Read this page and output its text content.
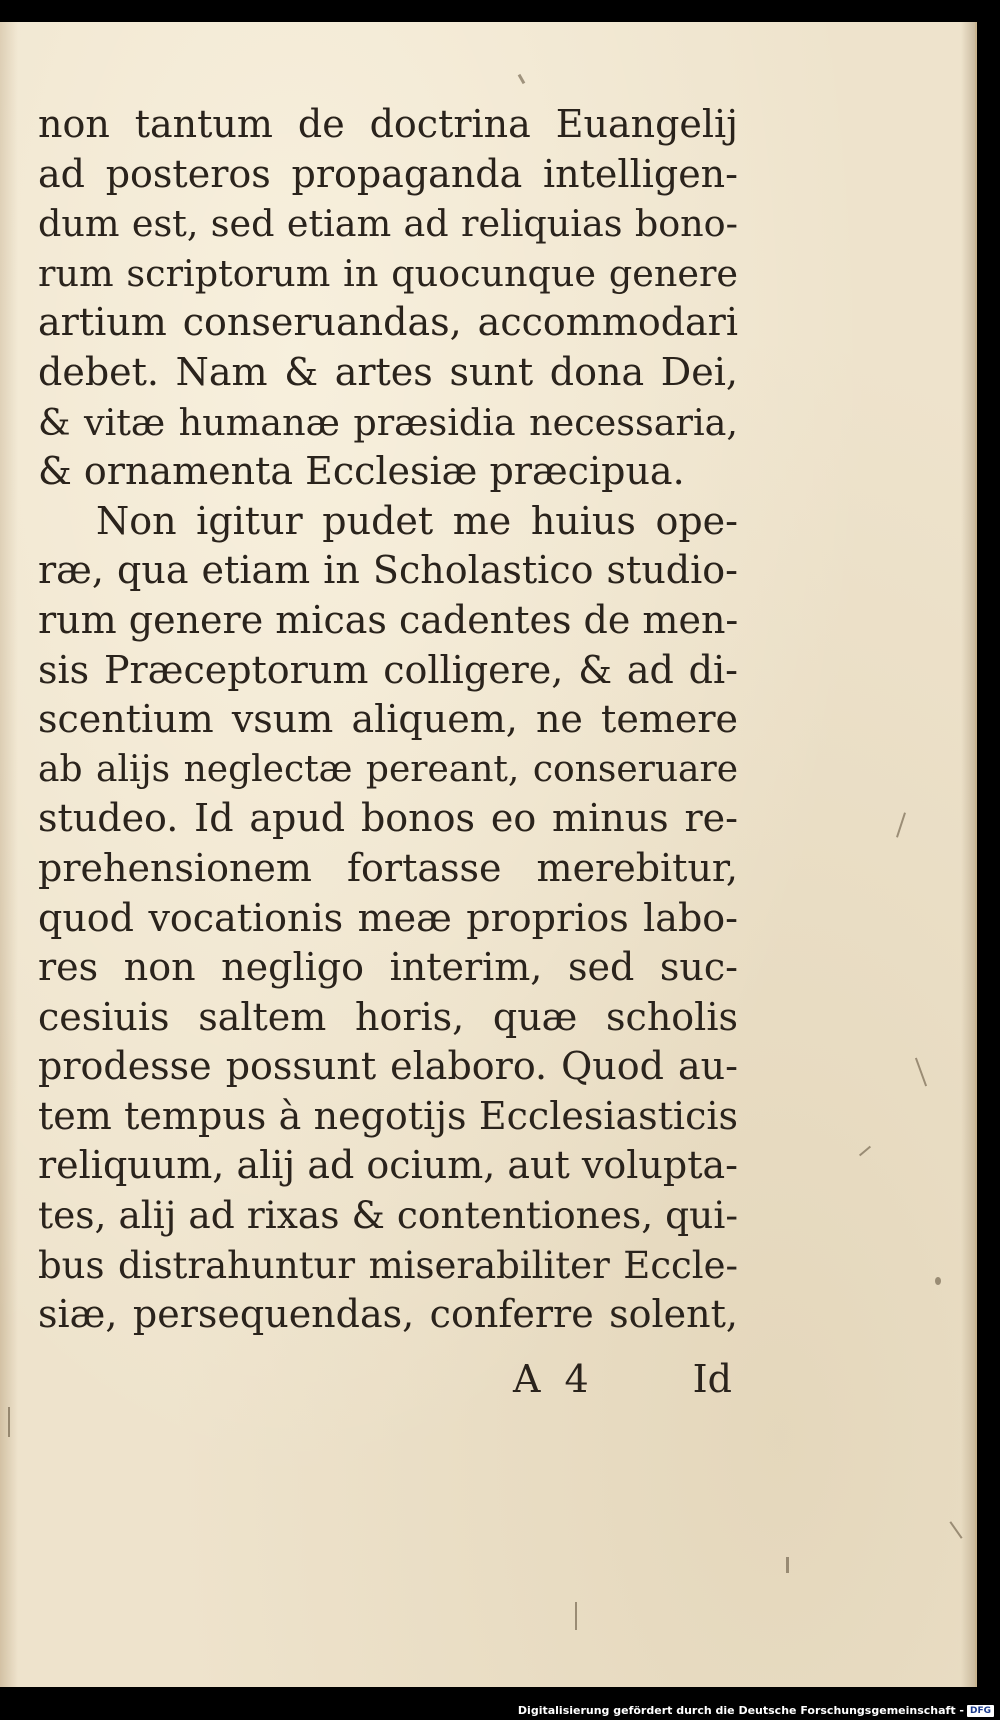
non tantum de doctrina Euangelij
ad posteros propaganda intelligen-
dum est, sed etiam ad reliquias bono-
rum scriptorum in quocunque genere
artium conseruandas, accommodari
debet. Nam & artes sunt dona Dei,
& vitæ humanæ præsidia necessaria,
& ornamenta Ecclesiæ præcipua.
Non igitur pudet me huius ope-
ræ, qua etiam in Scholastico studio-
rum genere micas cadentes de men-
sis Præceptorum colligere, & ad di-
scentium vsum aliquem, ne temere
ab alijs neglectæ pereant, conseruare
studeo. Id apud bonos eo minus re-
prehensionem fortasse merebitur,
quod vocationis meæ proprios labo-
res non negligo interim, sed suc-
cesiuis saltem horis, quæ scholis
prodesse possunt elaboro. Quod au-
tem tempus à negotijs Ecclesiasticis
reliquum, alij ad ocium, aut volupta-
tes, alij ad rixas & contentiones, qui-
bus distrahuntur miserabiliter Eccle-
siæ, persequendas, conferre solent,
A 4	Id
Digitalisierung gefördert durch die Deutsche Forschungsgemeinschaft - DFG
